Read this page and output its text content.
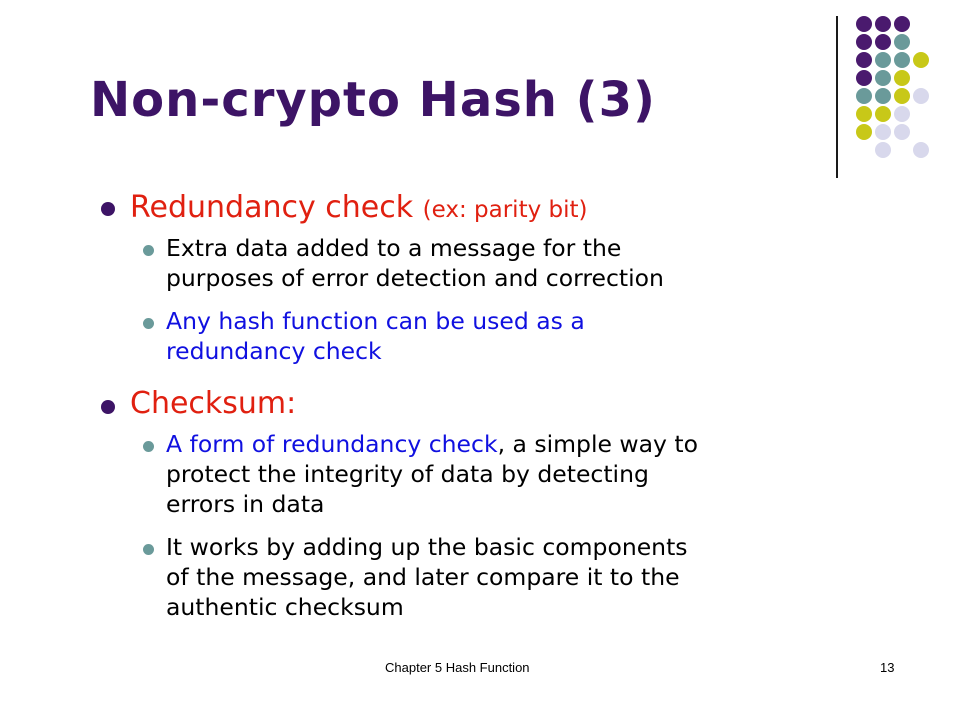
Non-crypto Hash (3)
Redundancy check (ex: parity bit)
Extra data added to a message for the
purposes of error detection and correction
Any hash function can be used as a
redundancy check
Checksum:
A form of redundancy check, a simple way to
protect the integrity of data by detecting
errors in data
It works by adding up the basic components
of the message, and later compare it to the
authentic checksum
Chapter 5 Hash Function	13
